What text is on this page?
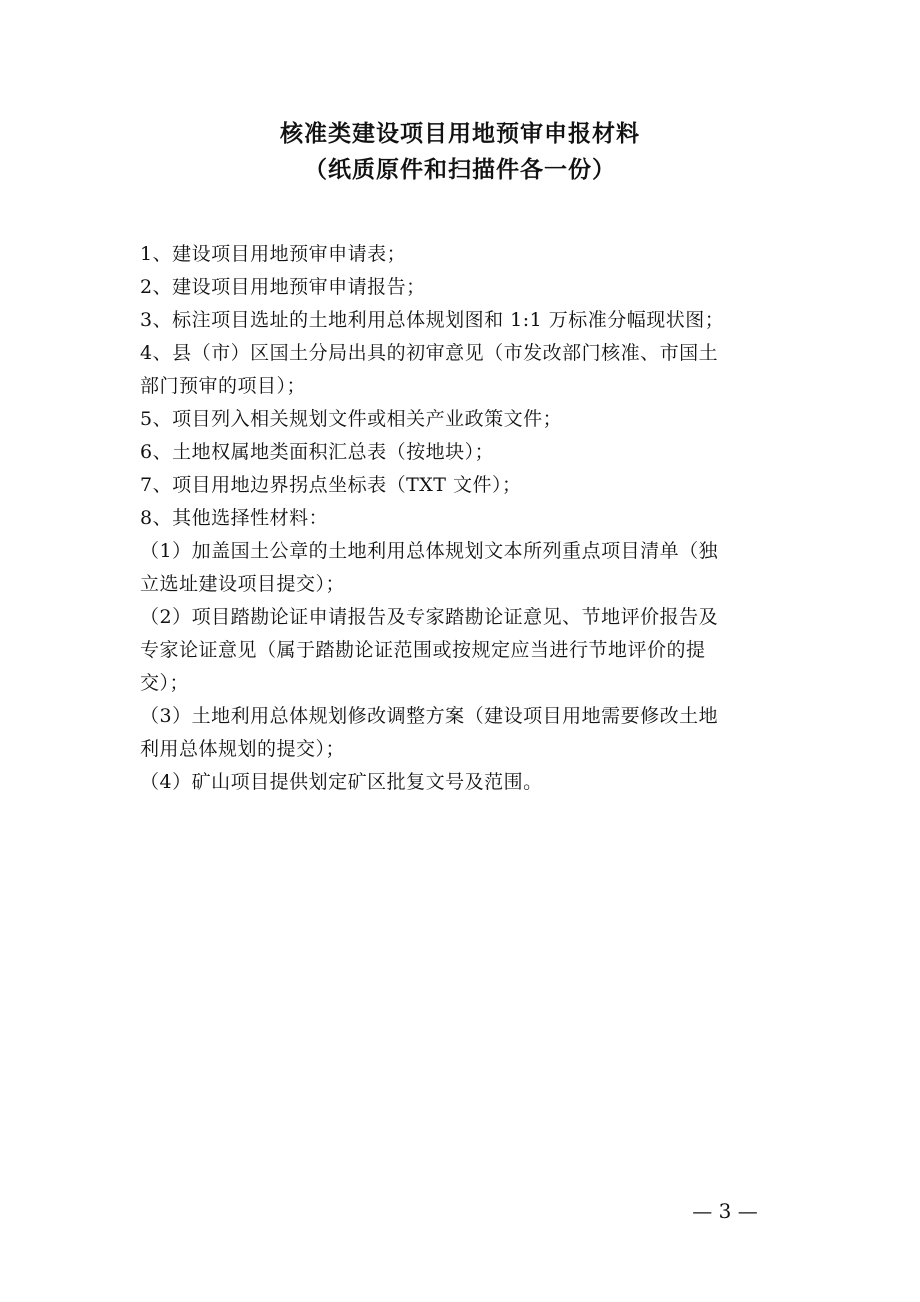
核准类建设项目用地预审申报材料
（纸质原件和扫描件各一份）

1、建设项目用地预审申请表；

2、建设项目用地预审申请报告；

3、标注项目选址的土地利用总体规划图和 1:1 万标准分幅现状图；

4、县（市）区国土分局出具的初审意见（市发改部门核准、市国土
部门预审的项目）；

5、项目列入相关规划文件或相关产业政策文件；

6、土地权属地类面积汇总表（按地块）；

7、项目用地边界拐点坐标表（TXT 文件）；

8、其他选择性材料：

（1）加盖国土公章的土地利用总体规划文本所列重点项目清单（独
立选址建设项目提交）；

（2）项目踏勘论证申请报告及专家踏勘论证意见、节地评价报告及
专家论证意见（属于踏勘论证范围或按规定应当进行节地评价的提
交）；

（3）土地利用总体规划修改调整方案（建设项目用地需要修改土地
利用总体规划的提交）；

（4）矿山项目提供划定矿区批复文号及范围。

— 3 —
